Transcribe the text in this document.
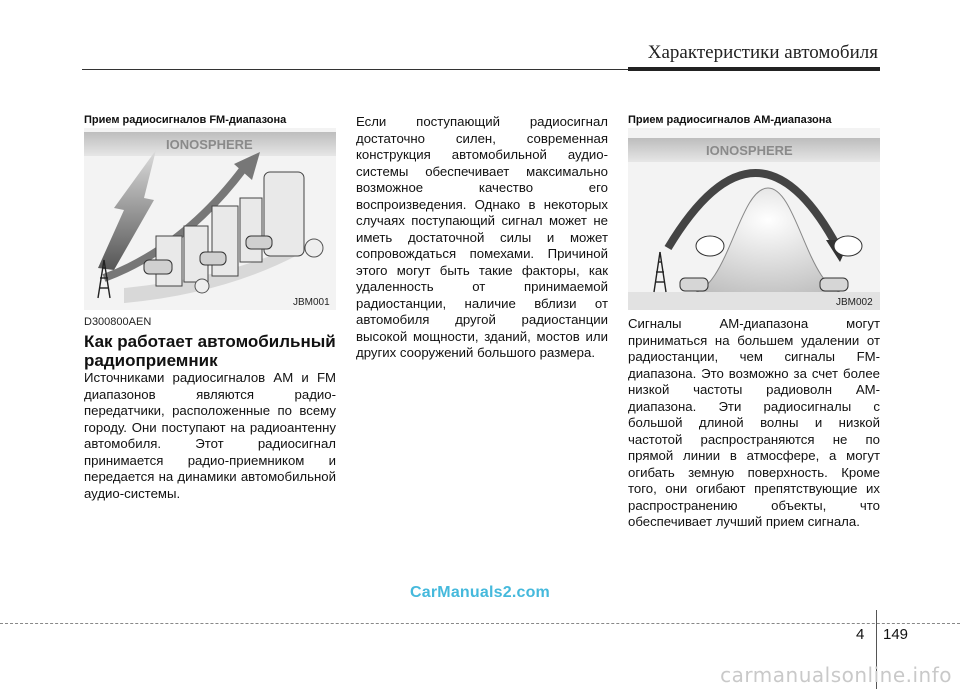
Характеристики автомобиля
Прием радиосигналов FM-диапазона
IONOSPHERE
JBM001
Прием радиосигналов AM-диапазона
IONOSPHERE
JBM002
D300800AEN
Как работает автомобильный радиоприемник
Источниками радиосигналов AM и FM диапазонов являются радио-передатчики, расположенные по всему городу. Они поступают на радиоантенну автомобиля. Этот радиосигнал принимается радио-приемником и передается на динамики автомобильной аудио-системы.
Если поступающий радиосигнал достаточно силен, современная конструкция автомобильной аудио-системы обеспечивает максимально возможное качество его воспроизведения. Однако в некоторых случаях поступающий сигнал может не иметь достаточной силы и может сопровождаться помехами. Причиной этого могут быть такие факторы, как удаленность от принимаемой радиостанции, наличие вблизи от автомобиля другой радиостанции высокой мощности, зданий, мостов или других сооружений большого размера.
Сигналы AM-диапазона могут приниматься на большем удалении от радиостанции, чем сигналы FM-диапазона. Это возможно за счет более низкой частоты радиоволн AM-диапазона. Эти радиосигналы с большой длиной волны и низкой частотой распространяются не по прямой линии в атмосфере, а могут огибать земную поверхность. Кроме того, они огибают препятствующие их распространению объекты, что обеспечивает лучший прием сигнала.
CarManuals2.com
4 149
carmanualsonline.info
